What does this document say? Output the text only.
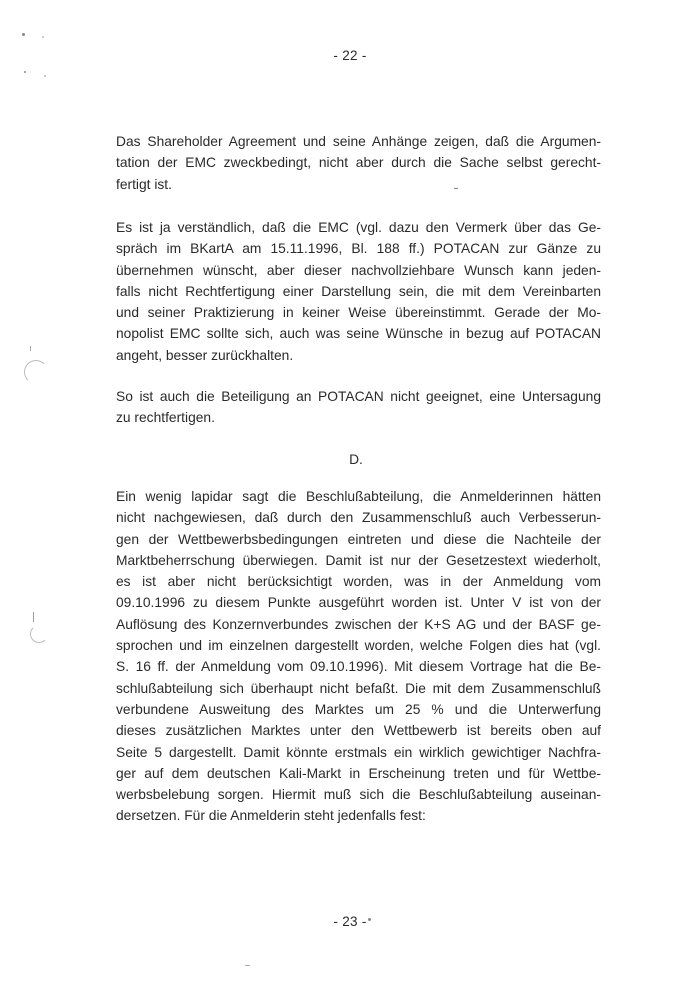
- 22 -

Das Shareholder Agreement und seine Anhänge zeigen, daß die Argumen-
tation der EMC zweckbedingt, nicht aber durch die Sache selbst gerecht-
fertigt ist.

Es ist ja verständlich, daß die EMC (vgl. dazu den Vermerk über das Ge-
spräch im BKartA am 15.11.1996, Bl. 188 ff.) POTACAN zur Gänze zu
übernehmen wünscht, aber dieser nachvollziehbare Wunsch kann jeden-
falls nicht Rechtfertigung einer Darstellung sein, die mit dem Vereinbarten
und seiner Praktizierung in keiner Weise übereinstimmt. Gerade der Mo-
nopolist EMC sollte sich, auch was seine Wünsche in bezug auf POTACAN
angeht, besser zurückhalten.

So ist auch die Beteiligung an POTACAN nicht geeignet, eine Untersagung
zu rechtfertigen.

D.

Ein wenig lapidar sagt die Beschlußabteilung, die Anmelderinnen hätten
nicht nachgewiesen, daß durch den Zusammenschluß auch Verbesserun-
gen der Wettbewerbsbedingungen eintreten und diese die Nachteile der
Marktbeherrschung überwiegen. Damit ist nur der Gesetzestext wiederholt,
es ist aber nicht berücksichtigt worden, was in der Anmeldung vom
09.10.1996 zu diesem Punkte ausgeführt worden ist. Unter V ist von der
Auflösung des Konzernverbundes zwischen der K+S AG und der BASF ge-
sprochen und im einzelnen dargestellt worden, welche Folgen dies hat (vgl.
S. 16 ff. der Anmeldung vom 09.10.1996). Mit diesem Vortrage hat die Be-
schlußabteilung sich überhaupt nicht befaßt. Die mit dem Zusammenschluß
verbundene Ausweitung des Marktes um 25 % und die Unterwerfung
dieses zusätzlichen Marktes unter den Wettbewerb ist bereits oben auf
Seite 5 dargestellt. Damit könnte erstmals ein wirklich gewichtiger Nachfra-
ger auf dem deutschen Kali-Markt in Erscheinung treten und für Wettbe-
werbsbelebung sorgen. Hiermit muß sich die Beschlußabteilung auseinan-
dersetzen. Für die Anmelderin steht jedenfalls fest:

- 23 -
